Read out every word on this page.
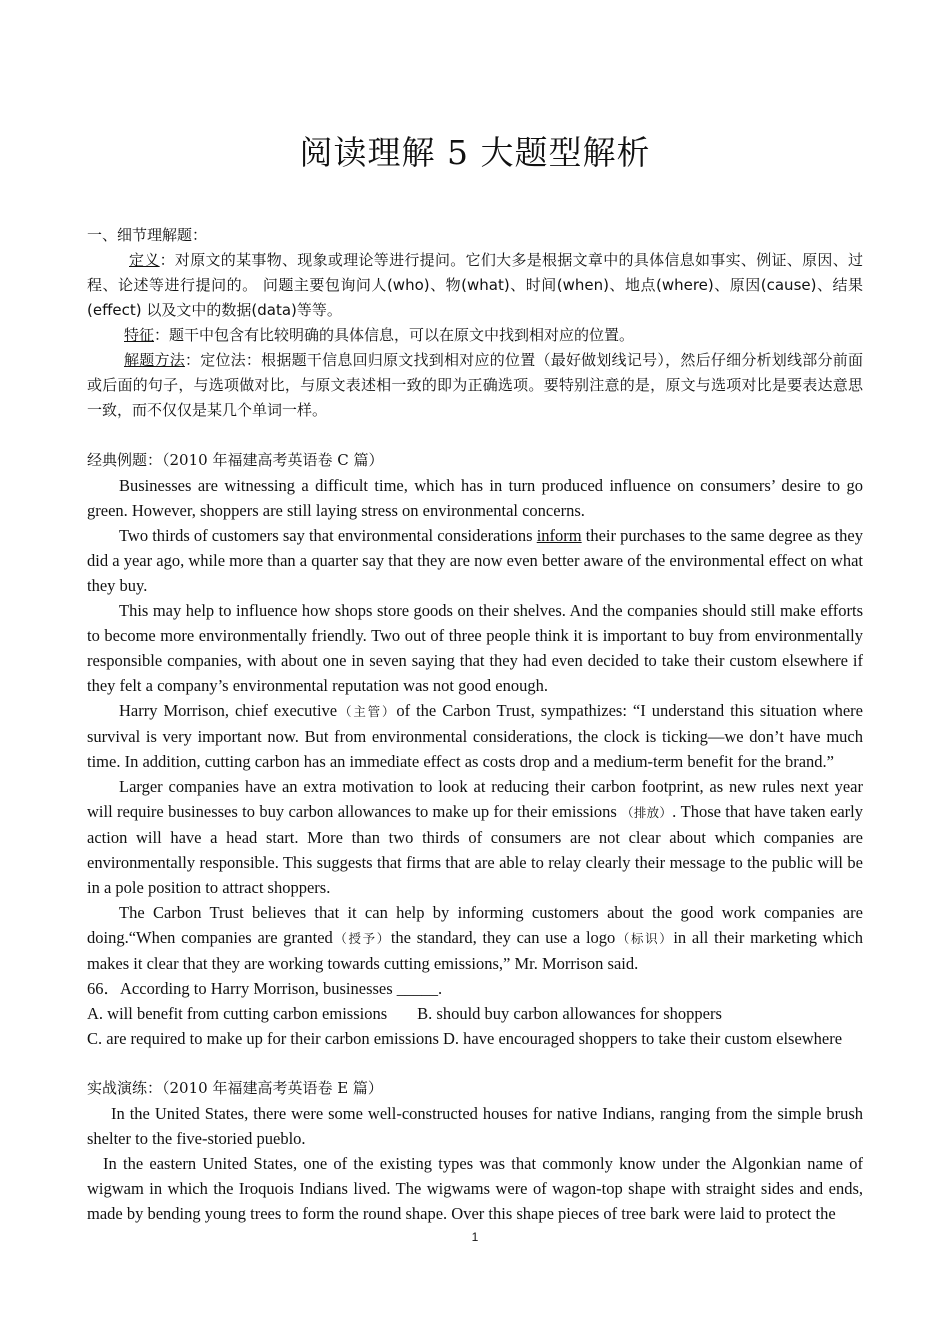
阅读理解 5 大题型解析

一、细节理解题：

定义：对原文的某事物、现象或理论等进行提问。它们大多是根据文章中的具体信息如事实、例证、原因、过程、论述等进行提问的。 问题主要包询问人(who)、物(what)、时间(when)、地点(where)、原因(cause)、结果(effect) 以及文中的数据(data)等等。

特征：题干中包含有比较明确的具体信息，可以在原文中找到相对应的位置。

解题方法：定位法：根据题干信息回归原文找到相对应的位置（最好做划线记号），然后仔细分析划线部分前面或后面的句子，与选项做对比，与原文表述相一致的即为正确选项。要特别注意的是，原文与选项对比是要表达意思一致，而不仅仅是某几个单词一样。

经典例题：（2010 年福建高考英语卷 C 篇）

Businesses are witnessing a difficult time, which has in turn produced influence on consumers’ desire to go green. However, shoppers are still laying stress on environmental concerns.

Two thirds of customers say that environmental considerations inform their purchases to the same degree as they did a year ago, while more than a quarter say that they are now even better aware of the environmental effect on what they buy.

This may help to influence how shops store goods on their shelves. And the companies should still make efforts to become more environmentally friendly. Two out of three people think it is important to buy from environmentally responsible companies, with about one in seven saying that they had even decided to take their custom elsewhere if they felt a company’s environmental reputation was not good enough.

Harry Morrison, chief executive（主管）of the Carbon Trust, sympathizes: “I understand this situation where survival is very important now. But from environmental considerations, the clock is ticking—we don’t have much time. In addition, cutting carbon has an immediate effect as costs drop and a medium-term benefit for the brand.”

Larger companies have an extra motivation to look at reducing their carbon footprint, as new rules next year will require businesses to buy carbon allowances to make up for their emissions （排放）. Those that have taken early action will have a head start. More than two thirds of consumers are not clear about which companies are environmentally responsible. This suggests that firms that are able to relay clearly their message to the public will be in a pole position to attract shoppers.

The Carbon Trust believes that it can help by informing customers about the good work companies are doing.“When companies are granted（授予）the standard, they can use a logo（标识）in all their marketing which makes it clear that they are working towards cutting emissions,” Mr. Morrison said.

66．According to Harry Morrison, businesses _____.

A. will benefit from cutting carbon emissions B. should buy carbon allowances for shoppers

C. are required to make up for their carbon emissions D. have encouraged shoppers to take their custom elsewhere

实战演练：（2010 年福建高考英语卷 E 篇）

In the United States, there were some well-constructed houses for native Indians, ranging from the simple brush shelter to the five-storied pueblo.

In the eastern United States, one of the existing types was that commonly know under the Algonkian name of wigwam in which the Iroquois Indians lived. The wigwams were of wagon-top shape with straight sides and ends, made by bending young trees to form the round shape. Over this shape pieces of tree bark were laid to protect the

1
